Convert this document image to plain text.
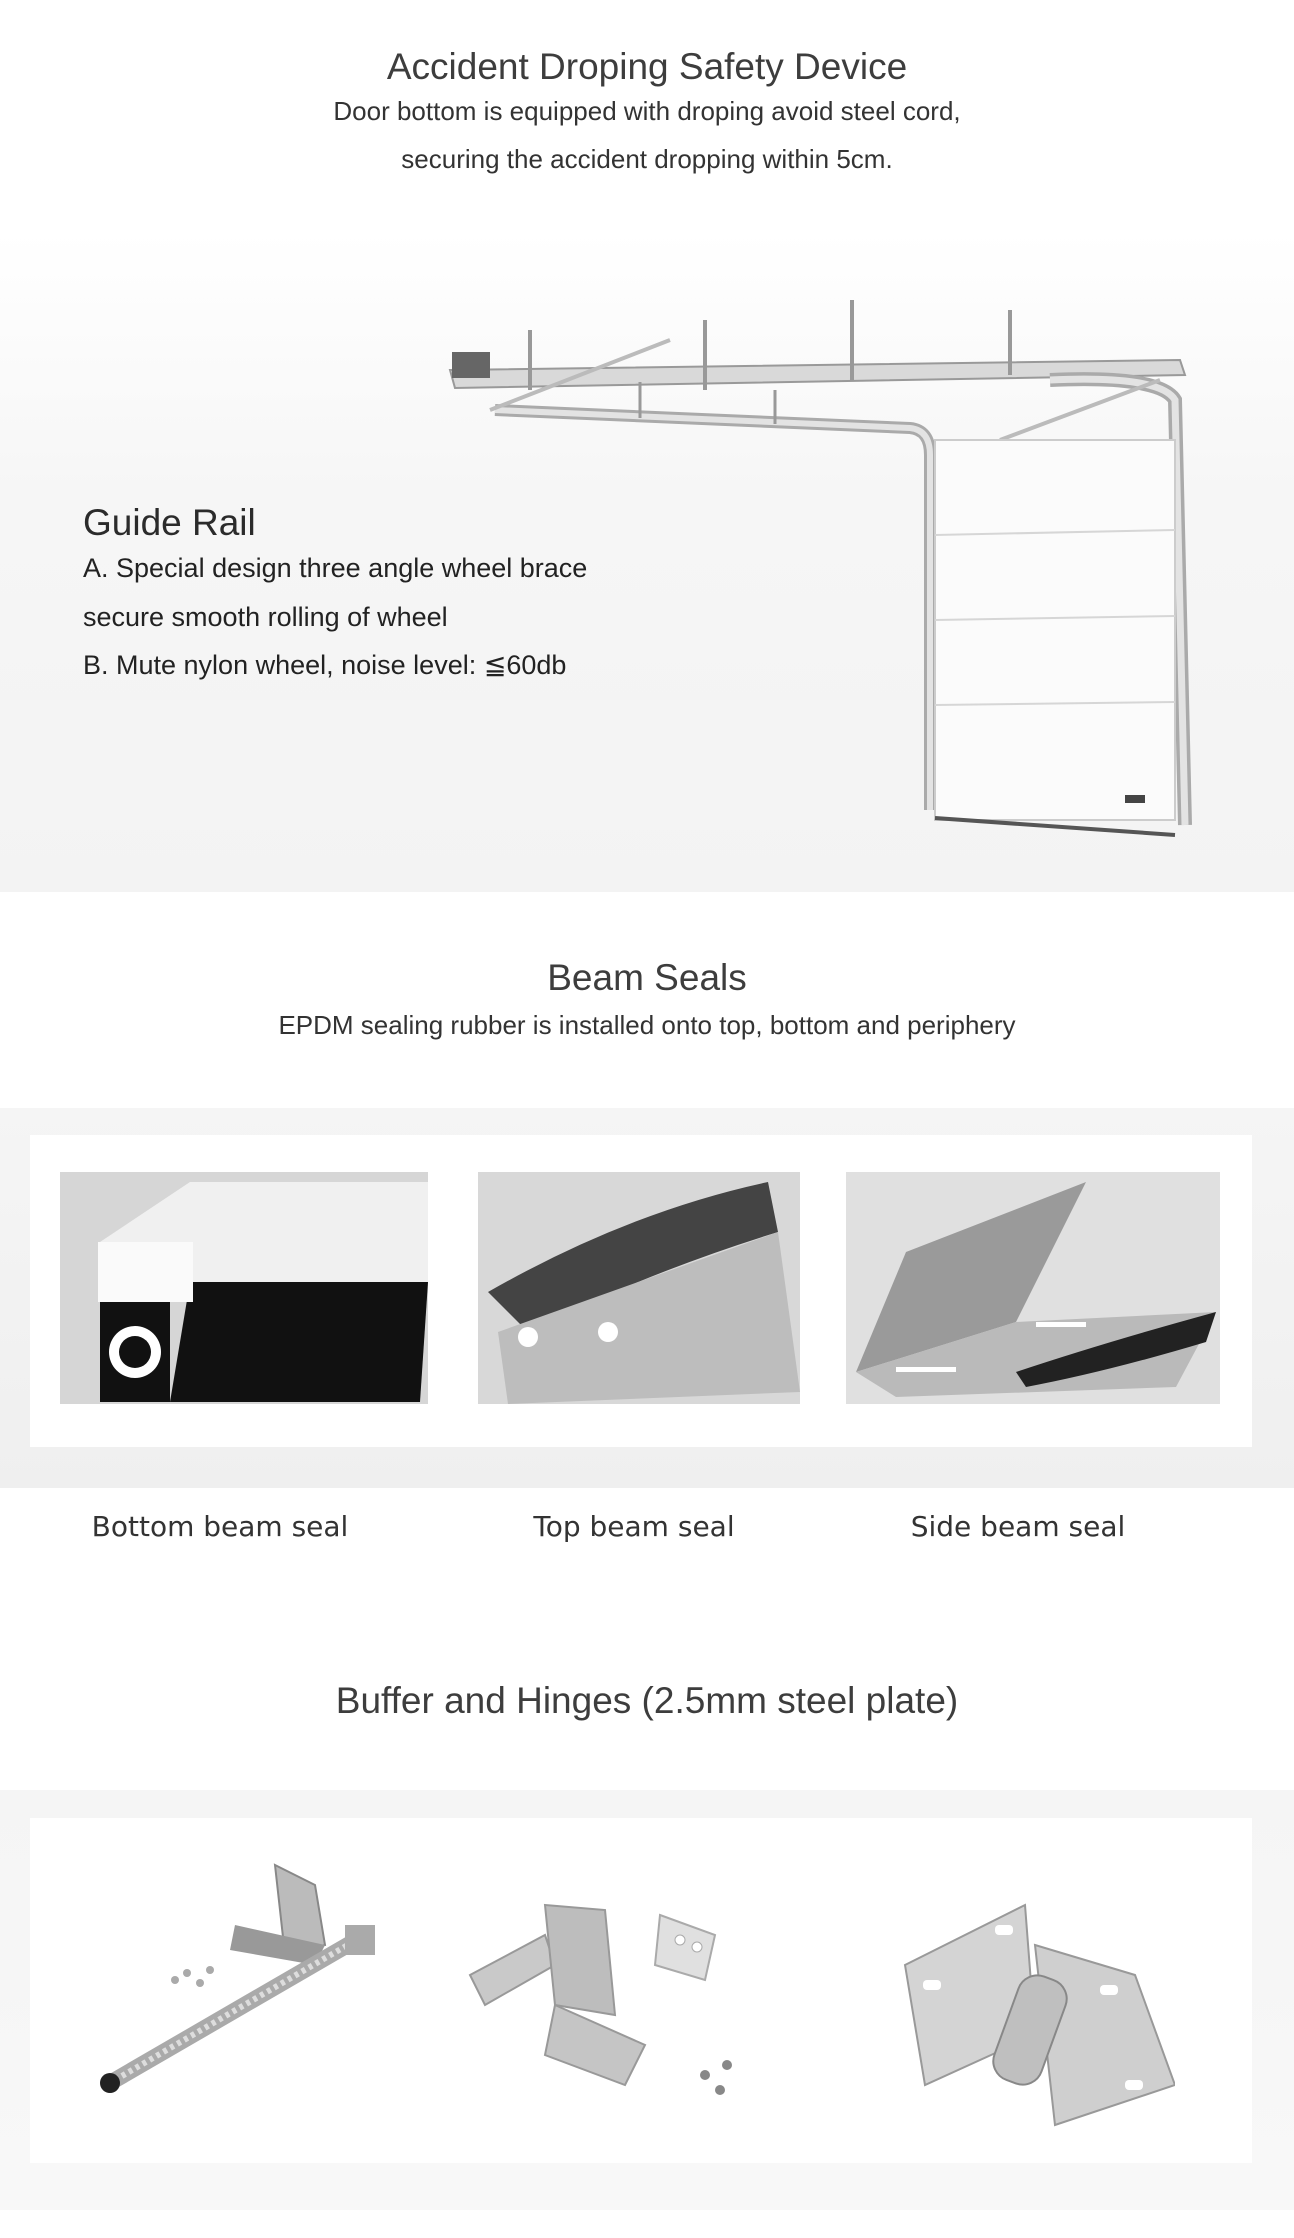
Accident Droping Safety Device
Door bottom is equipped with droping avoid steel cord,
securing the accident dropping within 5cm.
Guide Rail
A. Special design three angle wheel brace
secure smooth rolling of wheel
B. Mute nylon wheel, noise level: ≦60db
Beam Seals
EPDM sealing rubber is installed onto top, bottom and periphery
Bottom beam seal	Top beam seal	Side beam seal
Buffer and Hinges (2.5mm steel plate)
